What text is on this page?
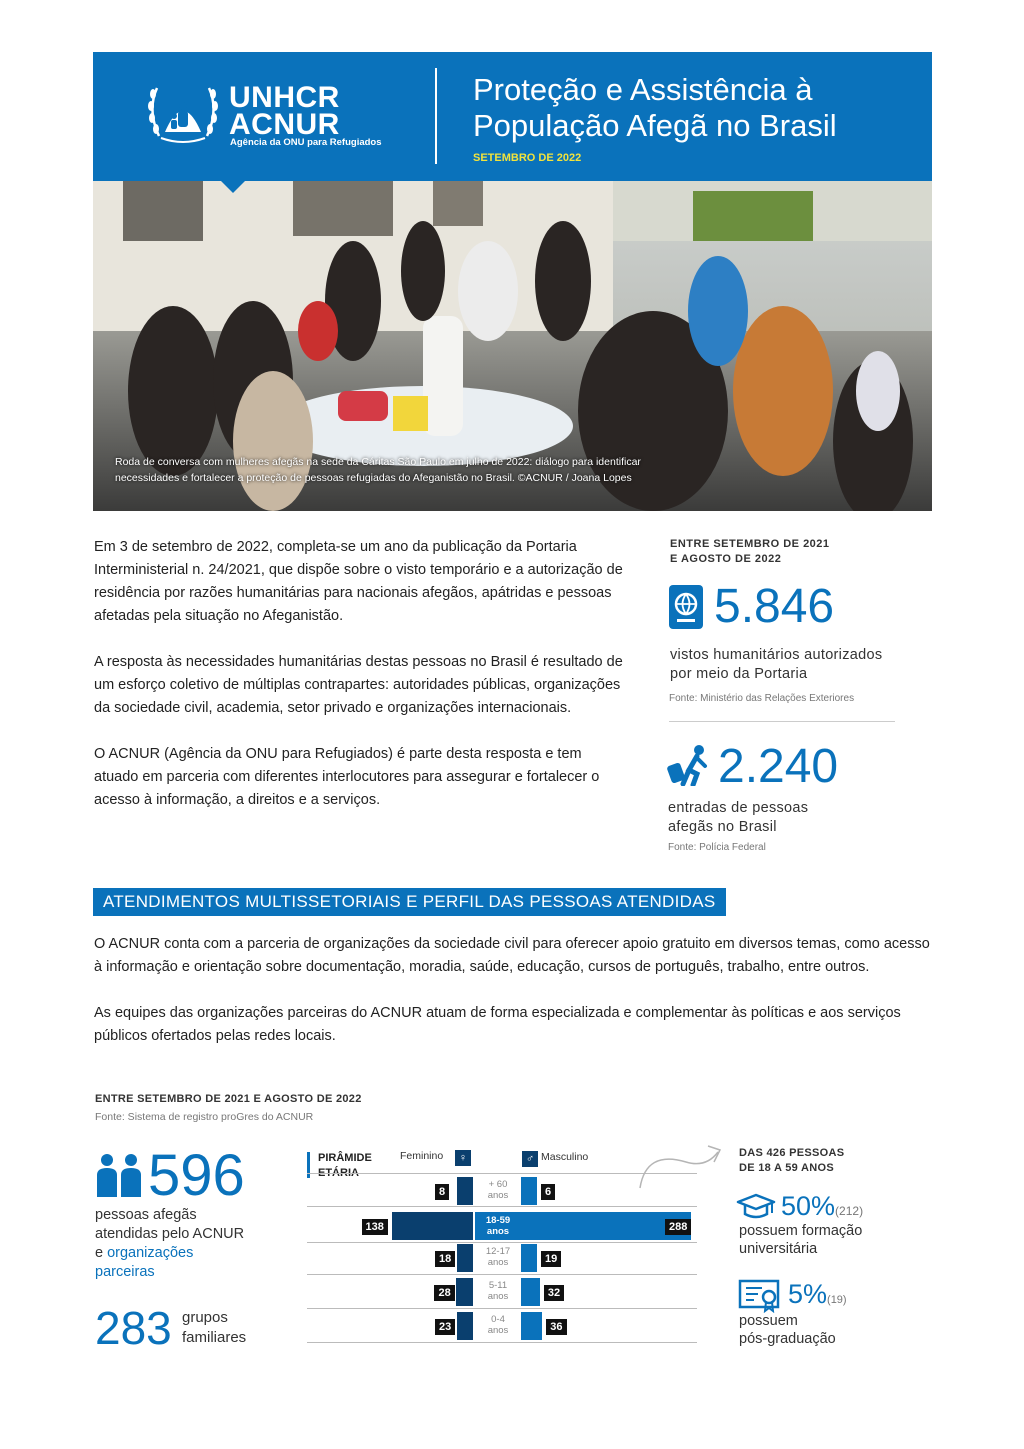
UNHCR
ACNUR
Agência da ONU para Refugiados
Proteção e Assistência à
População Afegã no Brasil
SETEMBRO DE 2022
Roda de conversa com mulheres afegãs na sede da Cáritas São Paulo em julho de 2022: diálogo para identificar
necessidades e fortalecer a proteção de pessoas refugiadas do Afeganistão no Brasil. ©ACNUR / Joana Lopes

Em 3 de setembro de 2022, completa-se um ano da publicação da Portaria Interministerial n. 24/2021, que dispõe sobre o visto temporário e a autorização de residência por razões humanitárias para nacionais afegãos, apátridas e pessoas afetadas pela situação no Afeganistão.

A resposta às necessidades humanitárias destas pessoas no Brasil é resultado de um esforço coletivo de múltiplas contrapartes: autoridades públicas, organizações da sociedade civil, academia, setor privado e organizações internacionais.

O ACNUR (Agência da ONU para Refugiados) é parte desta resposta e tem atuado em parceria com diferentes interlocutores para assegurar e fortalecer o acesso à informação, a direitos e a serviços.

ENTRE SETEMBRO DE 2021
E AGOSTO DE 2022
5.846
vistos humanitários autorizados
por meio da Portaria
Fonte: Ministério das Relações Exteriores
2.240
entradas de pessoas
afegãs no Brasil
Fonte: Polícia Federal
ATENDIMENTOS MULTISSETORIAIS E PERFIL DAS PESSOAS ATENDIDAS

O ACNUR conta com a parceria de organizações da sociedade civil para oferecer apoio gratuito em diversos temas, como acesso à informação e orientação sobre documentação, moradia, saúde, educação, cursos de português, trabalho, entre outros.

As equipes das organizações parceiras do ACNUR atuam de forma especializada e complementar às políticas e aos serviços públicos ofertados pelas redes locais.

ENTRE SETEMBRO DE 2021 E AGOSTO DE 2022
Fonte: Sistema de registro proGres do ACNUR
596
pessoas afegãs
atendidas pelo ACNUR
e organizações
parceiras
283 grupos
familiares
PIRÂMIDE
ETÁRIA
Feminino	♀	♂ Masculino
+ 60
anos
8	6
18-59
anos
138	288
12-17
anos
18	19
5-11
anos
28	32
0-4
anos
23	36
DAS 426 PESSOAS
DE 18 A 59 ANOS
50%(212)
possuem formação
universitária
5%(19)
possuem
pós-graduação
